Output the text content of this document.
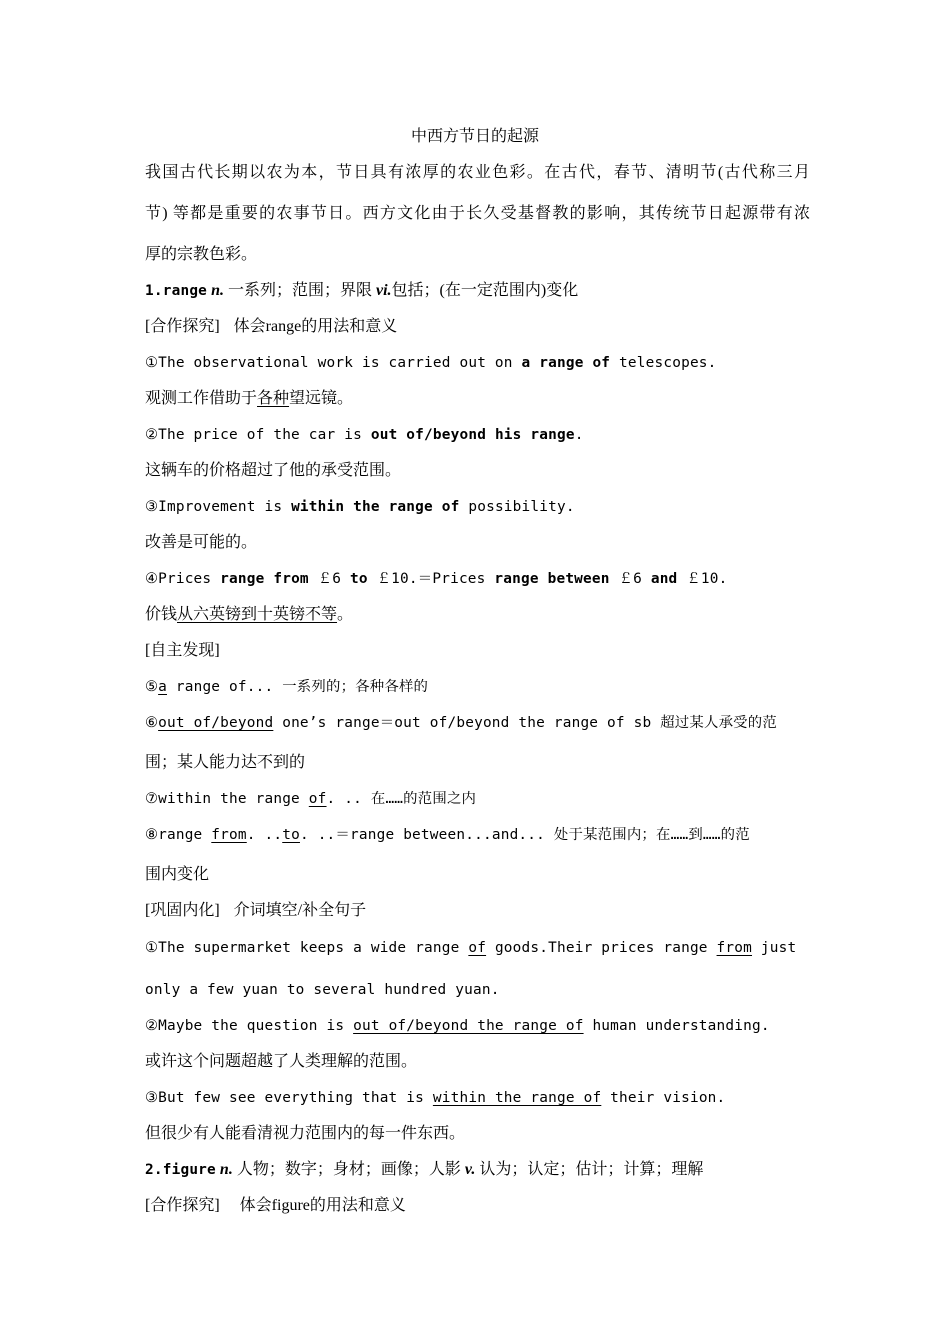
中西方节日的起源
我国古代长期以农为本，节日具有浓厚的农业色彩。在古代，春节、清明节(古代称三月
节) 等都是重要的农事节日。西方文化由于长久受基督教的影响，其传统节日起源带有浓
厚的宗教色彩。
1.range n. 一系列；范围；界限 vi.包括；(在一定范围内)变化
[合作探究] 体会range的用法和意义
①The observational work is carried out on a range of telescopes.
观测工作借助于各种望远镜。
②The price of the car is out of/beyond his range.
这辆车的价格超过了他的承受范围。
③Improvement is within the range of possibility.
改善是可能的。
④Prices range from ￡6 to ￡10.＝Prices range between ￡6 and ￡10.
价钱从六英镑到十英镑不等。
[自主发现]
⑤a range of... 一系列的；各种各样的
⑥out of/beyond one’s range＝out of/beyond the range of sb 超过某人承受的范
围；某人能力达不到的
⑦within the range of. .. 在……的范围之内
⑧range from. ..to. ..＝range between...and... 处于某范围内；在……到……的范
围内变化
[巩固内化] 介词填空/补全句子
①The supermarket keeps a wide range of goods.Their prices range from just
only a few yuan to several hundred yuan.
②Maybe the question is out of/beyond the range of human understanding.
或许这个问题超越了人类理解的范围。
③But few see everything that is within the range of their vision.
但很少有人能看清视力范围内的每一件东西。
2.figure n. 人物；数字；身材；画像；人影 v. 认为；认定；估计；计算；理解
[合作探究] 体会figure的用法和意义
